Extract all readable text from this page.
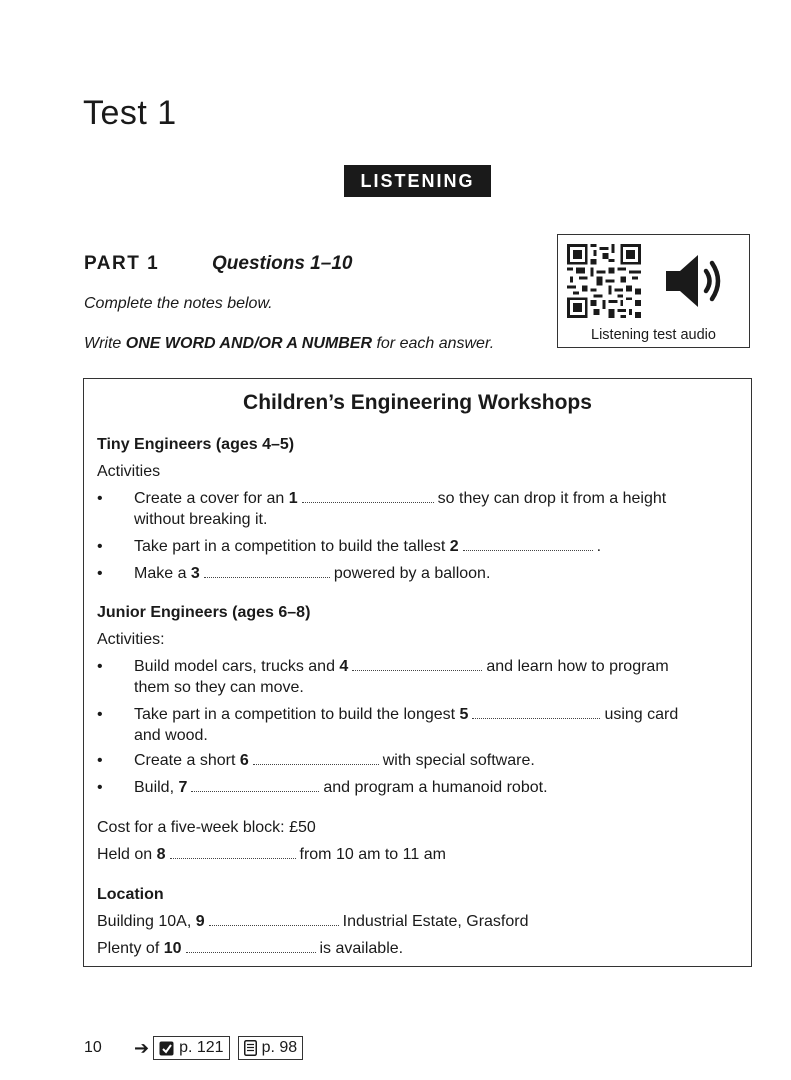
Test 1
LISTENING
PART 1	Questions 1–10
Complete the notes below.
Write ONE WORD AND/OR A NUMBER for each answer.	Listening test audio
Children’s Engineering Workshops
Tiny Engineers (ages 4–5)
Activities
•	Create a cover for an 1	so they can drop it from a height
without breaking it.
•	Take part in a competition to build the tallest 2	.
•	Make a 3	powered by a balloon.
Junior Engineers (ages 6–8)
Activities:
•	Build model cars, trucks and 4	and learn how to program
them so they can move.
•	Take part in a competition to build the longest 5	using card
and wood.
•	Create a short 6	with special software.
•	Build, 7	and program a humanoid robot.
Cost for a five-week block: £50
Held on 8	from 10 am to 11 am
Location
Building 10A, 9	Industrial Estate, Grasford
Plenty of 10	is available.
10	➔ p. 121 p. 98
